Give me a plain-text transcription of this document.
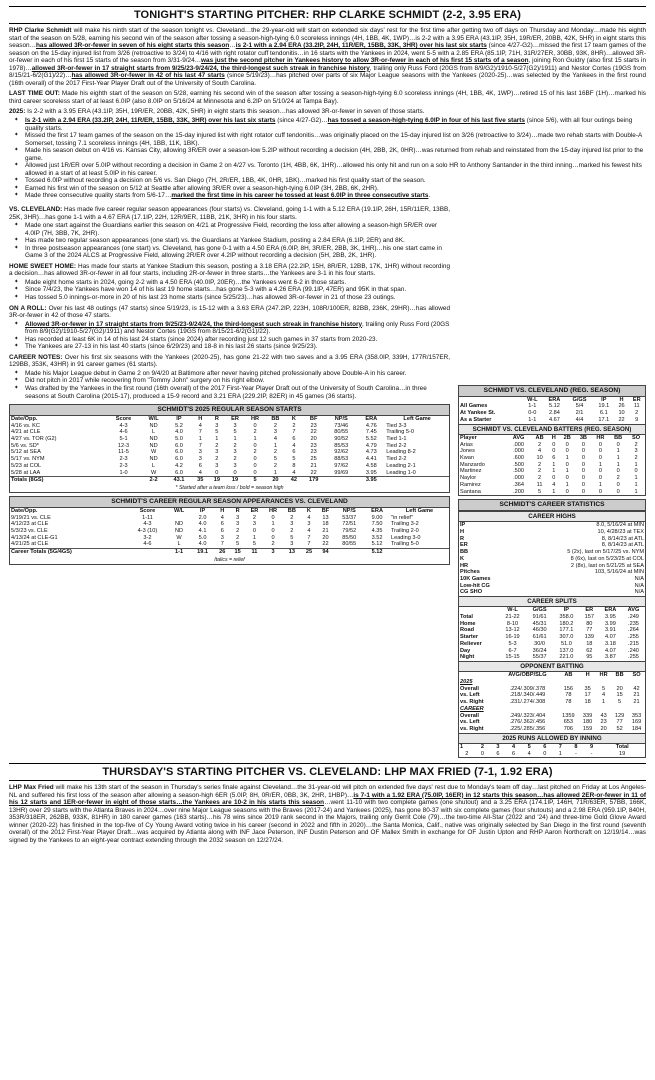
TONIGHT'S STARTING PITCHER: RHP CLARKE SCHMIDT (2-2, 3.95 ERA)

RHP Clarke Schmidt will make his ninth start of the season tonight vs. Cleveland…the 29-year-old will start on extended six days' rest for the first time after getting two off days on Thursday and Monday…made his eighth start of the season on 5/28, earning his second win of the season after tossing a season-high-tying 6.0 scoreless innings (4H, 1BB, 4K, 1WP)…is 2-2 with a 3.95 ERA (43.1IP, 35H, 19R/ER, 20BB, 42K, 5HR) in eight starts this season…has allowed 3R-or-fewer in seven of his eight starts this season…is 2-1 with a 2.94 ERA (33.2IP, 24H, 11R/ER, 15BB, 33K, 3HR) over his last six starts (since 4/27-G2)…missed the first 17 team games of the season on the 15-day injured list from 3/26 (retroactive to 3/24) to 4/16 with right rotator cuff tendonitis…in 16 starts with the Yankees in 2024, went 5-5 with a 2.85 ERA (85.1IP, 71H, 31R/27ER, 30BB, 93K, 8HR)…allowed 3R-or-fewer in each of his first 15 starts of the season from 3/31-9/24…was just the second pitcher in Yankees history to allow 3R-or-fewer in each of his first 15 starts of a season, joining Ron Guidry (also first 15 starts in 1978)…allowed 3R-or-fewer in 17 straight starts from 9/25/23-9/24/24, the third-longest such streak in franchise history, trailing only Russ Ford (20GS from 8/9/G2)/1910-5/27(G2)/1911) and Nestor Cortes (19GS from 8/15/21-6/2(G1)/22)…has allowed 3R-or-fewer in 42 of his last 47 starts (since 5/19/23)…has pitched over parts of six Major League seasons with the Yankees (2020-25)…was selected by the Yankees in the first round (16th overall) of the 2017 First-Year Player Draft out of the University of South Carolina.

LAST TIME OUT: Made his eighth start of the season on 5/28, earning his second win of the season after tossing a season-high-tying 6.0 scoreless innings (4H, 1BB, 4K, 1WP)…retired 15 of his last 16BF (1H)…marked his third career scoreless start of at least 6.0IP (also 8.0IP on 5/16/24 at Minnesota and 6.2IP on 5/10/24 at Tampa Bay).

2025: Is 2-2 with a 3.95 ERA (43.1IP, 35H, 19R/ER, 20BB, 42K, 5HR) in eight starts this season…has allowed 3R-or-fewer in seven of those starts.

✦ Is 2-1 with a 2.94 ERA (33.2IP, 24H, 11R/ER, 15BB, 33K, 3HR) over his last six starts (since 4/27-G2)…has tossed a season-high-tying 6.0IP in four of his last five starts (since 5/6), with all four outings being quality starts.
✦ Missed the first 17 team games of the season on the 15-day injured list with right rotator cuff tendonitis…was originally placed on the 15-day injured list on 3/26 (retroactive to 3/24)…made two rehab starts with Double-A Somerset, tossing 7.1 scoreless innings (4H, 1BB, 11K, 1BK).
✦ Made his season debut on 4/16 vs. Kansas City, allowing 3R/ER over a season-low 5.2IP without recording a decision (4H, 2BB, 2K, 0HR)…was returned from rehab and reinstated from the 15-day injured list prior to the game.
✦ Allowed just 1R/ER over 5.0IP without recording a decision in Game 2 on 4/27 vs. Toronto (1H, 4BB, 6K, 1HR)…allowed his only hit and run on a solo HR to Anthony Santander in the third inning…marked his fewest hits allowed in a start of at least 5.0IP in his career.
✦ Tossed 6.0IP without recording a decision on 5/6 vs. San Diego (7H, 2R/ER, 1BB, 4K, 0HR, 1BK)…marked his first quality start of the season.
✦ Earned his first win of the season on 5/12 at Seattle after allowing 3R/ER over a season-high-tying 6.0IP (3H, 2BB, 6K, 2HR).
✦ Made three consecutive quality starts from 5/6-17…marked the first time in his career he tossed at least 6.0IP in three consecutive starts.

VS. CLEVELAND: Has made five career regular season appearances (four starts) vs. Cleveland, going 1-1 with a 5.12 ERA (19.1IP, 26H, 15R/11ER, 13BB, 25K, 3HR)…has gone 1-1 with a 4.67 ERA (17.1IP, 22H, 12R/9ER, 11BB, 21K, 3HR) in his four starts.

✦ Made one start against the Guardians earlier this season on 4/21 at Progressive Field, recording the loss after allowing a season-high 5R/ER over 4.0IP (7H, 3BB, 7K, 2HR).
✦ Has made two regular season appearances (one start) vs. the Guardians at Yankee Stadium, posting a 2.84 ERA (6.1IP, 2ER) and 8K.
✦ In three postseason appearances (one start) vs. Cleveland, has gone 0-1 with a 4.50 ERA (6.0IP, 8H, 3R/ER, 2BB, 3K, 1HR)…his one start came in Game 3 of the 2024 ALCS at Progressive Field, allowing 2R/ER over 4.2IP without recording a decision (5H, 2BB, 2K, 1HR).

HOME SWEET HOME: Has made four starts at Yankee Stadium this season, posting a 3.18 ERA (22.2IP, 15H, 8R/ER, 12BB, 17K, 1HR) without recording a decision…has allowed 3R-or-fewer in all four starts, including 2R-or-fewer in three starts…the Yankees are 3-1 in his four starts.

✦ Made eight home starts in 2024, going 2-2 with a 4.50 ERA (40.0IP, 20ER)…the Yankees went 6-2 in those starts.
✦ Since 7/4/23, the Yankees have won 14 of his last 19 home starts…has gone 5-3 with a 4.26 ERA (99.1IP, 47ER) and 95K in that span.
✦ Has tossed 5.0 innings-or-more in 20 of his last 23 home starts (since 5/25/23)…has allowed 3R-or-fewer in 21 of those 23 outings.

ON A ROLL: Over his last 48 outings (47 starts) since 5/19/23, is 15-12 with a 3.63 ERA (247.2IP, 223H, 108R/100ER, 82BB, 236K, 29HR)…has allowed 3R-or-fewer in 42 of those 47 starts.

✦ Allowed 3R-or-fewer in 17 straight starts from 9/25/23-9/24/24, the third-longest such streak in franchise history, trailing only Russ Ford (20GS from 8/9(G2)/1910-5/27(G2)/1911) and Nestor Cortes (19GS from 8/15/21-6/2(G1)/22).
✦ Has recorded at least 6K in 14 of his last 24 starts (since 2024) after recording just 12 such games in 37 starts from 2020-23.
✦ The Yankees are 27-13 in his last 40 starts (since 6/29/23) and 18-8 in his last 26 starts (since 9/25/23).

CAREER NOTES: Over his first six seasons with the Yankees (2020-25), has gone 21-22 with two saves and a 3.95 ERA (358.0IP, 339H, 177R/157ER, 129BB, 353K, 43HR) in 91 career games (61 starts).

✦ Made his Major League debut in Game 2 on 9/4/20 at Baltimore after never having pitched professionally above Double-A in his career.
✦ Did not pitch in 2017 while recovering from "Tommy John" surgery on his right elbow.
✦ Was drafted by the Yankees in the first round (16th overall) of the 2017 First-Year Player Draft out of the University of South Carolina…in three seasons at South Carolina (2015-17), produced a 15-9 record and 3.21 ERA (229.2IP, 82ER) in 45 games (36 starts).
SCHMIDT'S 2025 REGULAR SEASON STARTS
Date/Opp.	Score	W/L	IP	H	R	ER	HR	BB	K	BF	NP/S	ERA	Left Game
4/16 vs. KC	4-3	ND	5.2	4	3	3	0	2	2	23	73/46	4.76	Tied 3-3
4/21 at CLE	4-6	L	4.0	7	5	5	2	3	7	22	80/55	7.45	Trailing 5-0
4/27 vs. TOR (G2)	5-1	ND	5.0	1	1	1	1	4	6	20	90/52	5.52	Tied 1-1
5/6 vs. SD*	12-3	ND	6.0	7	2	2	0	1	4	23	85/53	4.79	Tied 2-2
5/12 at SEA	11-5	W	6.0	3	3	3	2	2	6	23	92/62	4.73	Leading 8-2
5/17 vs. NYM	2-3	ND	6.0	3	2	2	0	5	5	25	88/53	4.41	Tied 2-2
5/23 at COL	2-3	L	4.2	6	3	3	0	2	8	21	97/62	4.58	Leading 2-1
5/28 at LAA	1-0	W	6.0	4	0	0	0	1	4	22	99/69	3.95	Leading 1-0
Totals (8GS)		2-2	43.1	35	19	19	5	20	42	179		3.95	
* Started after a team loss / bold = season high
SCHMIDT'S CAREER REGULAR SEASON APPEARANCES VS. CLEVELAND
Date/Opp.	Score	W/L	IP	H	R	ER	HR	BB	K	BF	NP/S	ERA	Left Game
9/19/21 vs. CLE	1-11		2.0	4	3	2	0	2	4	13	53/37	9.00	"in relief"
4/12/23 at CLE	4-3	ND	4.0	6	3	3	1	3	3	18	72/51	7.50	Trailing 3-2
5/3/23 vs. CLE	4-3 (10)	ND	4.1	6	2	0	0	2	4	21	79/52	4.35	Trailing 2-0
4/13/24 at CLE-G1	3-2	W	5.0	3	2	1	0	5	7	20	85/50	3.52	Leading 3-0
4/21/25 at CLE	4-6	L	4.0	7	5	5	2	3	7	22	80/55	5.12	Trailing 5-0
Career Totals (5G/4GS)		1-1	19.1	26	15	11	3	13	25	94		5.12	
Italics = relief
SCHMIDT VS. CLEVELAND (REG. SEASON)
	W-L	ERA	G/GS	IP	H	ER
All Games	1-1	5.12	5/4	19.1	26	11
At Yankee St.	0-0	2.84	2/1	6.1	10	2
As a Starter	1-1	4.67	4/4	17.1	22	9
SCHMIDT VS. CLEVELAND BATTERS (REG. SEASON)
Player	AVG	AB	H	2B	3B	HR	BB	SO
Arias	.000	2	0	0	0	0	0	2
Jones	.000	4	0	0	0	0	1	3
Kwan	.600	10	6	1	0	0	1	2
Manzardo	.500	2	1	0	0	1	1	1
Martinez	.500	2	1	1	0	0	0	0
Naylor	.000	2	0	0	0	0	2	1
Ramirez	.364	11	4	1	0	1	0	1
Santana	.200	5	1	0	0	0	0	1
SCHMIDT'S CAREER STATISTICS
CAREER HIGHS
IP	8.0, 5/16/24 at MIN
H	10, 4/28/23 at TEX
R	8, 8/14/23 at ATL
ER	8, 8/14/23 at ATL
BB	5 (2x), last on 5/17/25 vs. NYM
K	8 (6x), last on 5/23/25 at COL
HR	2 (8x), last on 5/21/25 at SEA
Pitches	103, 5/16/24 at MIN
10K Games	N/A
Low-hit CG	N/A
CG SHO	N/A
CAREER SPLITS
	W-L	G/GS	IP	ER	ERA	AVG
Total	21-22	91/61	358.0	157	3.95	.249
Home	8-10	45/31	180.2	80	3.99	.235
Road	13-12	46/30	177.1	77	3.91	.264
Starter	16-19	61/61	307.0	139	4.07	.255
Reliever	5-3	30/0	51.0	18	3.18	.215
Day	6-7	36/24	137.0	62	4.07	.240
Night	15-15	55/37	221.0	95	3.87	.255
OPPONENT BATTING
	AVG/OBP/SLG	AB	H	HR	BB	SO
2025						
Overall	.224/.309/.378	156	35	5	20	42
vs. Left	.218/.340/.449	78	17	4	15	21
vs. Right	.231/.274/.308	78	18	1	5	21
CAREER						
Overall	.249/.323/.404	1359	339	43	129	353
vs. Left	.276/.362/.456	653	180	23	77	169
vs. Right	.225/.285/.356	706	159	20	52	184
2025 RUNS ALLOWED BY INNING
1	2	3	4	5	6	7	8	9	Total
2	0	6	6	4	0	1	-	-	19
THURSDAY'S STARTING PITCHER VS. CLEVELAND: LHP MAX FRIED (7-1, 1.92 ERA)

LHP Max Fried will make his 13th start of the season in Thursday's series finale against Cleveland…the 31-year-old will pitch on extended five days' rest due to Monday's team off day…last pitched on Friday at Los Angeles-NL and suffered his first loss of the season after allowing a season-high 6ER (5.0IP, 8H, 0R/ER, 0BB, 3K, 2HR, 1HBP)…is 7-1 with a 1.92 ERA (75.0IP, 16ER) in 12 starts this season…has allowed 2ER-or-fewer in 11 of his 12 starts and 1ER-or-fewer in eight of those starts…the Yankees are 10-2 in his starts this season…went 11-10 with two complete games (one shutout) and a 3.25 ERA (174.1IP, 146H, 71R/63ER, 57BB, 166K, 13HR) over 29 starts with the Atlanta Braves in 2024…over nine Major League seasons with the Braves (2017-24) and Yankees (2025), has gone 80-37 with six complete games (four shutouts) and a 2.98 ERA (959.1IP, 840H, 353R/318ER, 262BB, 933K, 81HR) in 180 career games (163 starts)…his 78 wins since 2019 rank second in the Majors, trailing only Gerrit Cole (79)…the two-time All-Star (2022 and '24) and three-time Gold Glove Award winner (2020-22) has finished in the top-five of Cy Young Award voting twice in his career (second in 2022 and fifth in 2020)…the Santa Monica, Calif., native was originally selected by San Diego in the first round (seventh overall) of the 2012 First-Year Player Draft…was acquired by Atlanta along with INF Jace Peterson, INF Dustin Peterson and OF Mallex Smith in exchange for OF Justin Upton and RHP Aaron Northcraft on 12/19/14…was signed by the Yankees to an eight-year contract extending through the 2032 season on 12/27/24.
